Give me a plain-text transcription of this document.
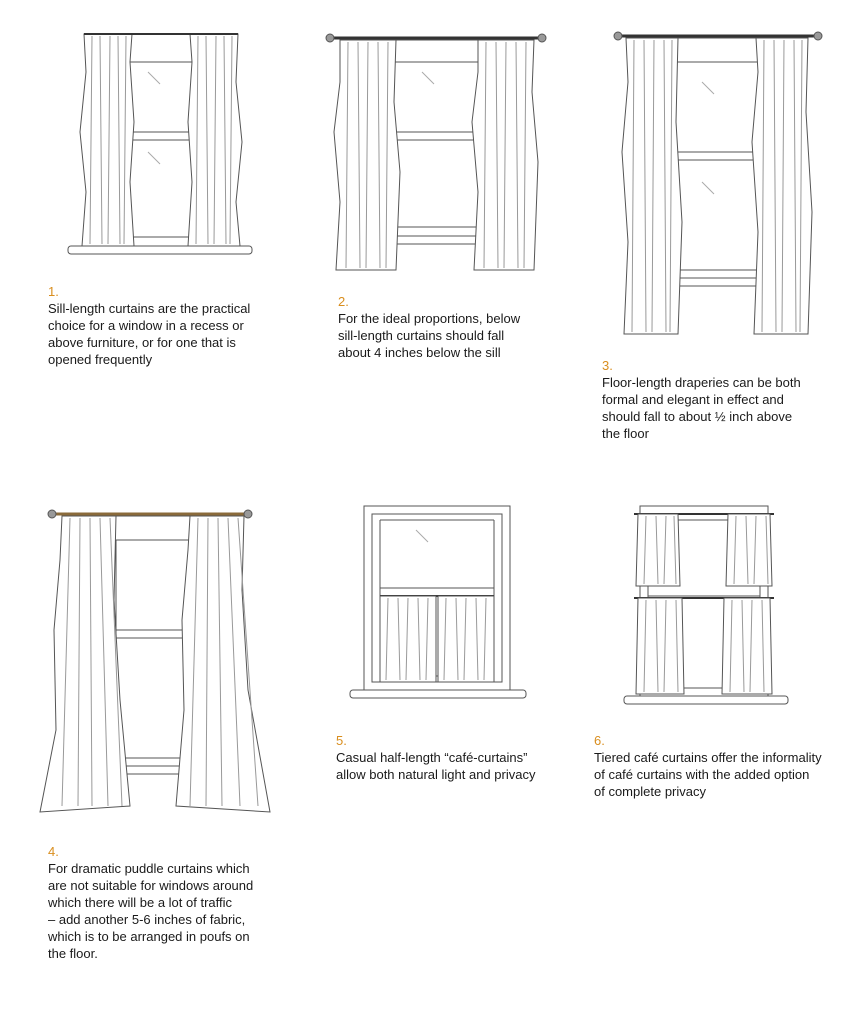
1.
Sill-length curtains are the practical
choice for a window in a recess or
above furniture, or for one that is
opened frequently
2.
For the ideal proportions, below
sill-length curtains should fall
about 4 inches below the sill
3.
Floor-length draperies can be both
formal and elegant in effect and
should fall to about ½ inch above
the floor
4.
For dramatic puddle curtains which
are not suitable for windows around
which there will be a lot of traffic
– add another 5-6 inches of fabric,
which is to be arranged in poufs on
the floor.
5.
Casual half-length “café-curtains”
allow both natural light and privacy
6.
Tiered café curtains offer the informality
of café curtains with the added option
of complete privacy
